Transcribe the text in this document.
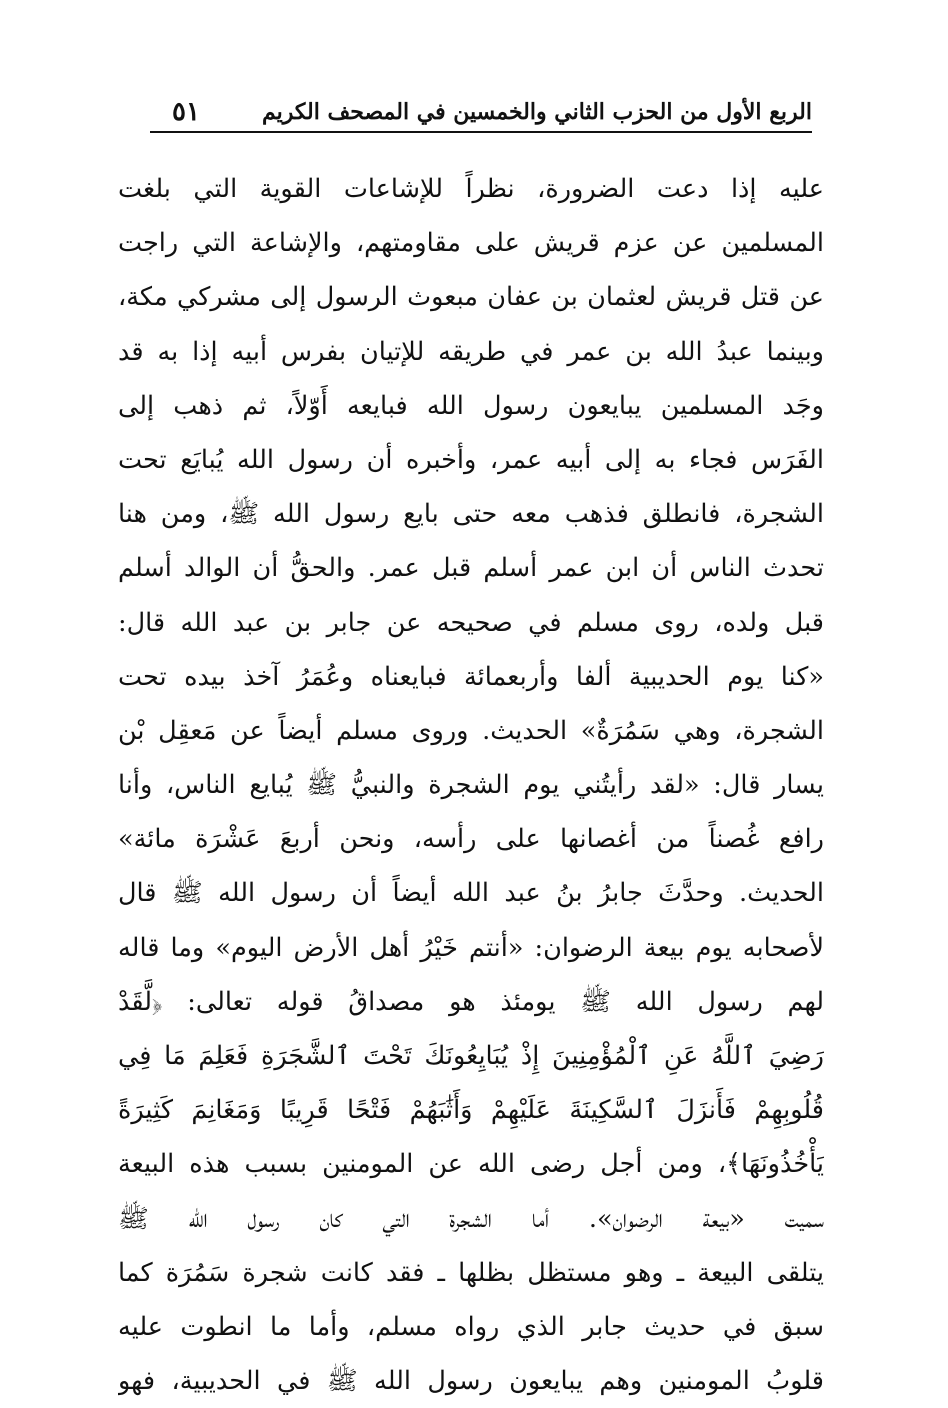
الربع الأول من الحزب الثاني والخمسين في المصحف الكريم
٥١
عليه إذا دعت الضرورة، نظراً للإشاعات القوية التي بلغت
المسلمين عن عزم قريش على مقاومتهم، والإشاعة التي راجت
عن قتل قريش لعثمان بن عفان مبعوث الرسول إلى مشركي مكة،
وبينما عبدُ الله بن عمر في طريقه للإتيان بفرس أبيه إذا به قد
وجَد المسلمين يبايعون رسول الله فبايعه أَوّلاً، ثم ذهب إلى
الفَرَس فجاء به إلى أبيه عمر، وأخبره أن رسول الله يُبايَع تحت
الشجرة، فانطلق فذهب معه حتى بايع رسول الله ﷺ، ومن هنا
تحدث الناس أن ابن عمر أسلم قبل عمر. والحقُّ أن الوالد أسلم
قبل ولده، روى مسلم في صحيحه عن جابر بن عبد الله قال:
«كنا يوم الحديبية ألفا وأربعمائة فبايعناه وعُمَرُ آخذ بيده تحت
الشجرة، وهي سَمُرَةٌ» الحديث. وروى مسلم أيضاً عن مَعقِل بْن
يسار قال: «لقد رأيتُني يوم الشجرة والنبيُّ ﷺ يُبايع الناس، وأنا
رافع غُصناً من أغصانها على رأسه، ونحن أربعَ عَشْرَة مائة»
الحديث. وحدَّثَ جابرُ بنُ عبد الله أيضاً أن رسول الله ﷺ قال
لأصحابه يوم بيعة الرضوان: «أنتم خَيْرُ أهل الأرض اليوم» وما قاله
لهم رسول الله ﷺ يومئذ هو مصداقُ قوله تعالى: ﴿لَّقَدْ
رَضِيَ ٱللَّهُ عَنِ ٱلْمُؤْمِنِينَ إِذْ يُبَايِعُونَكَ تَحْتَ ٱلشَّجَرَةِ فَعَلِمَ مَا فِي
قُلُوبِهِمْ فَأَنزَلَ ٱلسَّكِينَةَ عَلَيْهِمْ وَأَثَٰبَهُمْ فَتْحًا قَرِيبًا وَمَغَانِمَ كَثِيرَةً
يَأْخُذُونَهَا﴾، ومن أجل رضى الله عن المومنين بسبب هذه البيعة
سميت «بيعة الرضوان». أما الشجرة التي كان رسول الله ﷺ
يتلقى البيعة ـ وهو مستظل بظلها ـ فقد كانت شجرة سَمُرَة كما
سبق في حديث جابر الذي رواه مسلم، وأما ما انطوت عليه
قلوبُ المومنين وهم يبايعون رسول الله ﷺ في الحديبية، فهو
